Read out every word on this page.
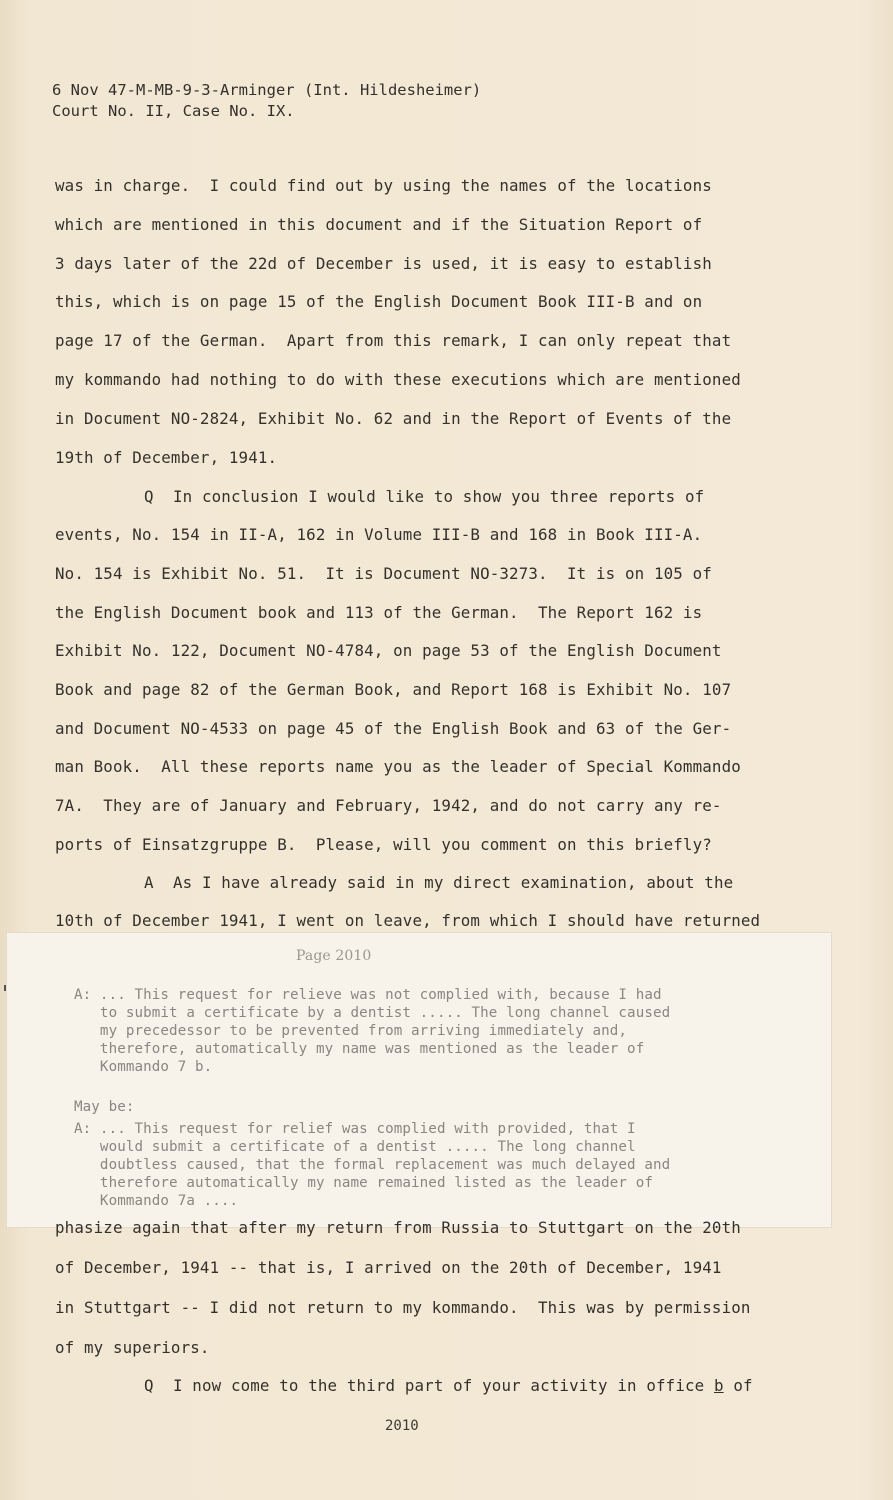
6 Nov 47-M-MB-9-3-Arminger (Int. Hildesheimer)
Court No. II, Case No. IX.
was in charge.  I could find out by using the names of the locations
which are mentioned in this document and if the Situation Report of
3 days later of the 22d of December is used, it is easy to establish
this, which is on page 15 of the English Document Book III-B and on
page 17 of the German.  Apart from this remark, I can only repeat that
my kommando had nothing to do with these executions which are mentioned
in Document NO-2824, Exhibit No. 62 and in the Report of Events of the
19th of December, 1941.
Q  In conclusion I would like to show you three reports of
events, No. 154 in II-A, 162 in Volume III-B and 168 in Book III-A.
No. 154 is Exhibit No. 51.  It is Document NO-3273.  It is on 105 of
the English Document book and 113 of the German.  The Report 162 is
Exhibit No. 122, Document NO-4784, on page 53 of the English Document
Book and page 82 of the German Book, and Report 168 is Exhibit No. 107
and Document NO-4533 on page 45 of the English Book and 63 of the Ger-
man Book.  All these reports name you as the leader of Special Kommando
7A.  They are of January and February, 1942, and do not carry any re-
ports of Einsatzgruppe B.  Please, will you comment on this briefly?
A  As I have already said in my direct examination, about the
10th of December 1941, I went on leave, from which I should have returned
Page 2010
A: ... This request for relieve was not complied with, because I had
to submit a certificate by a dentist ..... The long channel caused
my precedessor to be prevented from arriving immediately and,
therefore, automatically my name was mentioned as the leader of
Kommando 7 b.
May be:
A: ... This request for relief was complied with provided, that I
would submit a certificate of a dentist ..... The long channel
doubtless caused, that the formal replacement was much delayed and
therefore automatically my name remained listed as the leader of
Kommando 7a ....
phasize again that after my return from Russia to Stuttgart on the 20th
of December, 1941 -- that is, I arrived on the 20th of December, 1941
in Stuttgart -- I did not return to my kommando.  This was by permission
of my superiors.
Q  I now come to the third part of your activity in office b of
2010
